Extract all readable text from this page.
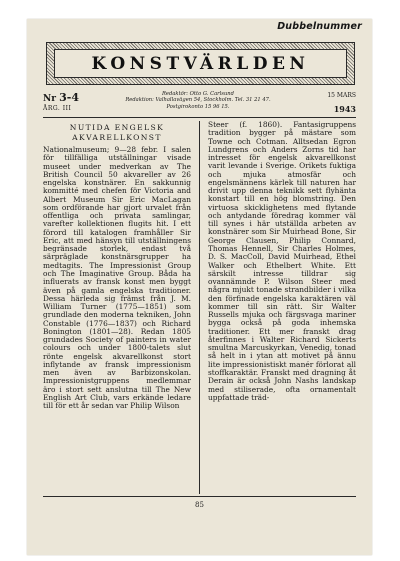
Dubbelnummer
KONSTVÄRLDEN
Nr 3-4
ÅRG. III
Redaktör: Otto G. Carlsund
Redaktion: Valhallavägen 54, Stockholm. Tel. 31 21 47.
Postgirokonto 15 96 15.
15 MARS
1943
NUTIDA ENGELSK
AKVARELLKONST

Nationalmuseum; 9—28 febr. I salen för tillfälliga utställningar visade museet under medverkan av The British Council 50 akvareller av 26 engelska konstnärer. En sakkunnig kommitté med chefen för Victoria and Albert Museum Sir Eric MacLagan som ordförande har gjort urvalet från offentliga och privata samlingar, varefter kollektionen flugits hit. I ett förord till katalogen framhåller Sir Eric, att med hänsyn till utställningens begränsade storlek, endast två särpräglade konstnärsgrupper ha medtagits. The Impressionist Group och The Imaginative Group. Båda ha influerats av fransk konst men byggt även på gamla engelska traditioner. Dessa härleda sig främst från J. M. William Turner (1775—1851) som grundlade den moderna tekniken, John Constable (1776—1837) och Richard Bonington (1801—28). Redan 1805 grundades Society of painters in water colours och under 1800-talets slut rönte engelsk akvarellkonst stort inflytande av fransk impressionism men även av Barbizonskolan. Impressionistgruppens medlemmar äro i stort sett anslutna till The New English Art Club, vars erkände ledare till för ett år sedan var Philip Wilson

Steer (f. 1860). Fantasigruppens tradition bygger på mästare som Towne och Cotman. Alltsedan Egron Lundgrens och Anders Zorns tid har intresset för engelsk akvarellkonst varit levande i Sverige. Orikets fuktiga och mjuka atmosfär och engelsmännens kärlek till naturen har drivit upp denna teknikk sett flyhänta konstart till en hög blomstring. Den virtuosa skicklighetens med flytande och antydande föredrag kommer väl till synes i här utställda arbeten av konstnärer som Sir Muirhead Bone, Sir George Clausen, Philip Connard, Thomas Hennell, Sir Charles Holmes, D. S. MacColl, David Muirhead, Ethel Walker och Ethelbert White. Ett särskilt intresse tilldrar sig ovannämnde P. Wilson Steer med några mjukt tonade strandbilder i vilka den förfinade engelska karaktären väl kommer till sin rätt. Sir Walter Russells mjuka och färgsvaga mariner bygga också på goda inhemska traditioner. Ett mer franskt drag återfinnes i Walter Richard Sickerts smultna Marcuskyrkan, Venedig, tonad så helt in i ytan att motivet på ännu lite impressionistiskt manér förlorat all stoffkaraktär. Franskt med dragning åt Derain är också John Nashs landskap med stiliserade, ofta ornamentalt uppfattade träd-

85
